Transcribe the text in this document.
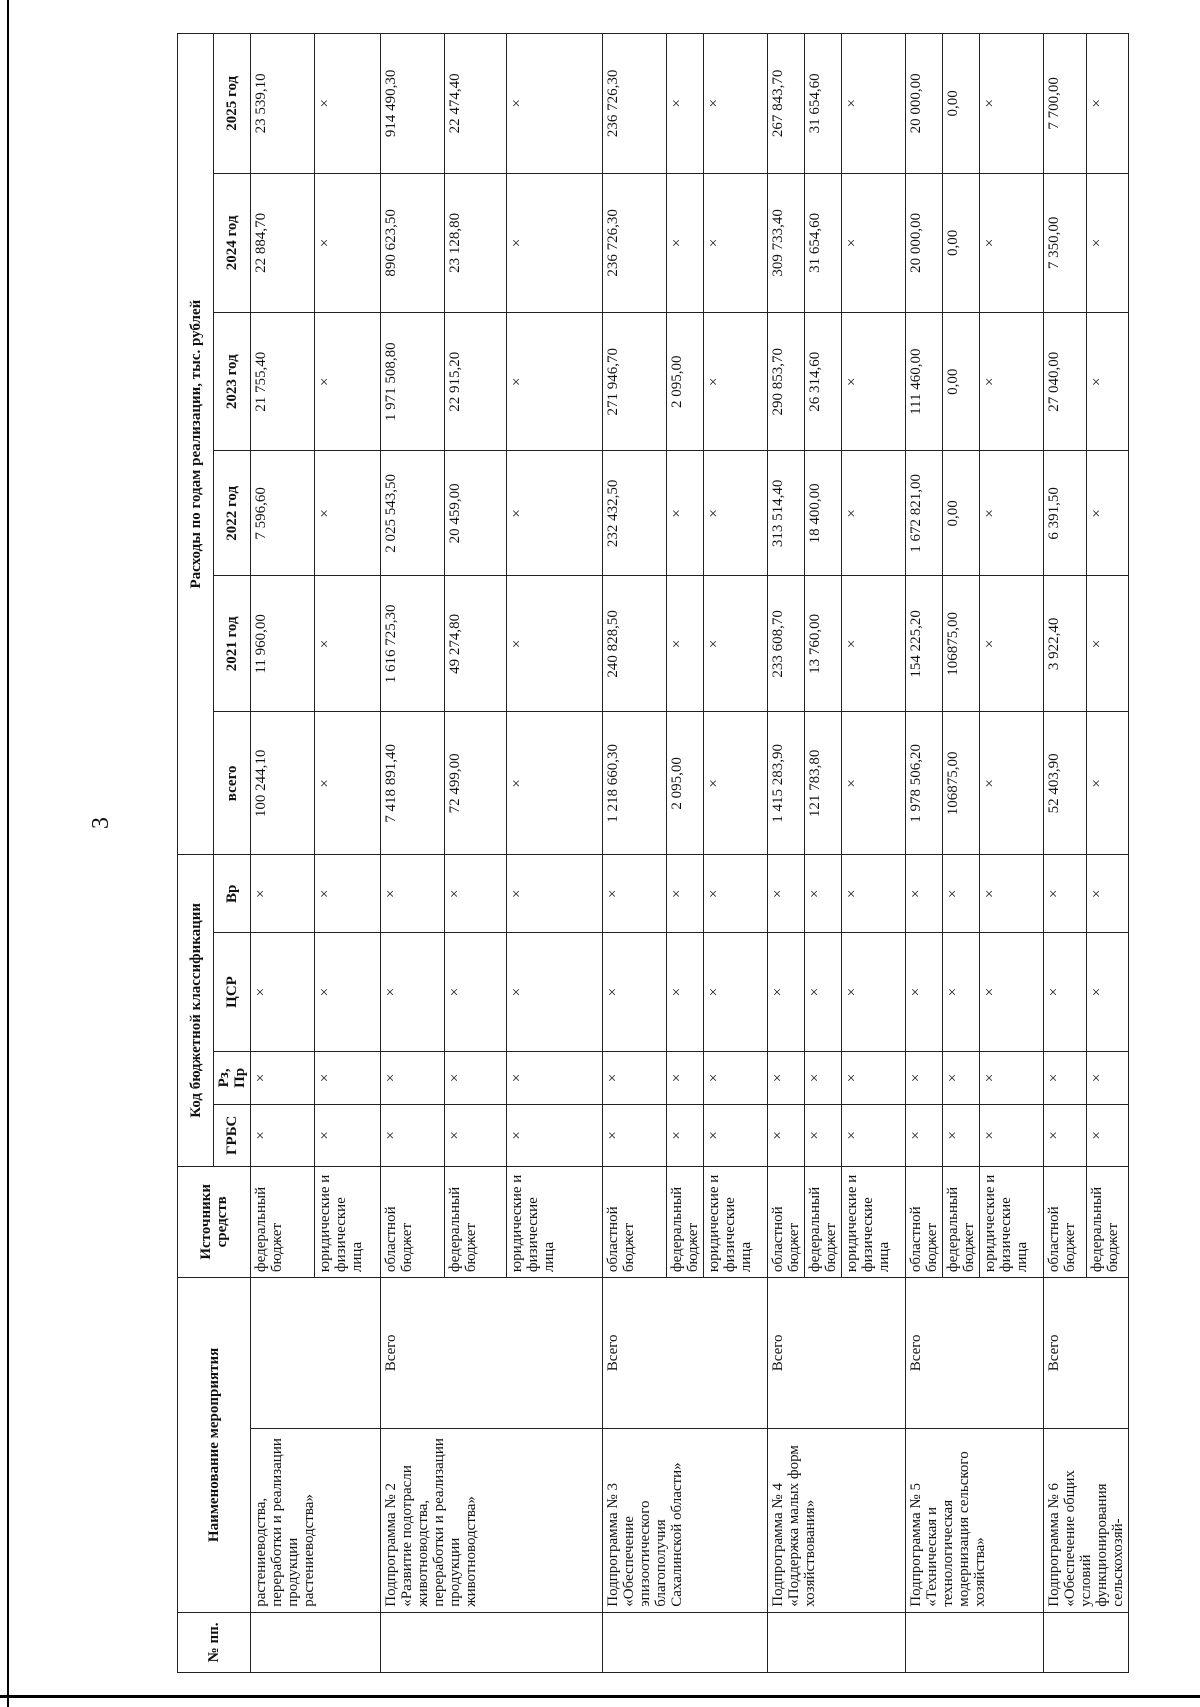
3
№ пп.	Наименование мероприятия		Источники средств	Код бюджетной классификации				Расходы по годам реализации, тыс. рублей					
				ГРБС	Рз, Пр	ЦСР	Вр	всего	2021 год	2022 год	2023 год	2024 год	2025 год
	растениеводства, переработки и реализации продукции растениеводства»		федеральный бюджет	×	×	×	×	100 244,10	11 960,00	7 596,60	21 755,40	22 884,70	23 539,10
			юридические и физические лица	×	×	×	×	×	×	×	×	×	×
	Подпрограмма № 2 «Развитие подотрасли животноводства, переработки и реализации продукции животноводства»	Всего	областной бюджет	×	×	×	×	7 418 891,40	1 616 725,30	2 025 543,50	1 971 508,80	890 623,50	914 490,30
			федеральный бюджет	×	×	×	×	72 499,00	49 274,80	20 459,00	22 915,20	23 128,80	22 474,40
			юридические и физические лица	×	×	×	×	×	×	×	×	×	×
	Подпрограмма № 3 «Обеспечение эпизоотического благополучия Сахалинской области»	Всего	областной бюджет	×	×	×	×	1 218 660,30	240 828,50	232 432,50	271 946,70	236 726,30	236 726,30
			федеральный бюджет	×	×	×	×	2 095,00	×	×	2 095,00	×	×
			юридические и физические лица	×	×	×	×	×	×	×	×	×	×
	Подпрограмма № 4 «Поддержка малых форм хозяйствования»	Всего	областной бюджет	×	×	×	×	1 415 283,90	233 608,70	313 514,40	290 853,70	309 733,40	267 843,70
			федеральный бюджет	×	×	×	×	121 783,80	13 760,00	18 400,00	26 314,60	31 654,60	31 654,60
			юридические и физические лица	×	×	×	×	×	×	×	×	×	×
	Подпрограмма № 5 «Техническая и технологическая модернизация сельского хозяйства»	Всего	областной бюджет	×	×	×	×	1 978 506,20	154 225,20	1 672 821,00	111 460,00	20 000,00	20 000,00
			федеральный бюджет	×	×	×	×	106875,00	106875,00	0,00	0,00	0,00	0,00
			юридические и физические лица	×	×	×	×	×	×	×	×	×	×
	Подпрограмма № 6 «Обеспечение общих условий функционирования сельскохозяй-	Всего	областной бюджет	×	×	×	×	52 403,90	3 922,40	6 391,50	27 040,00	7 350,00	7 700,00
			федеральный бюджет	×	×	×	×	×	×	×	×	×	×
